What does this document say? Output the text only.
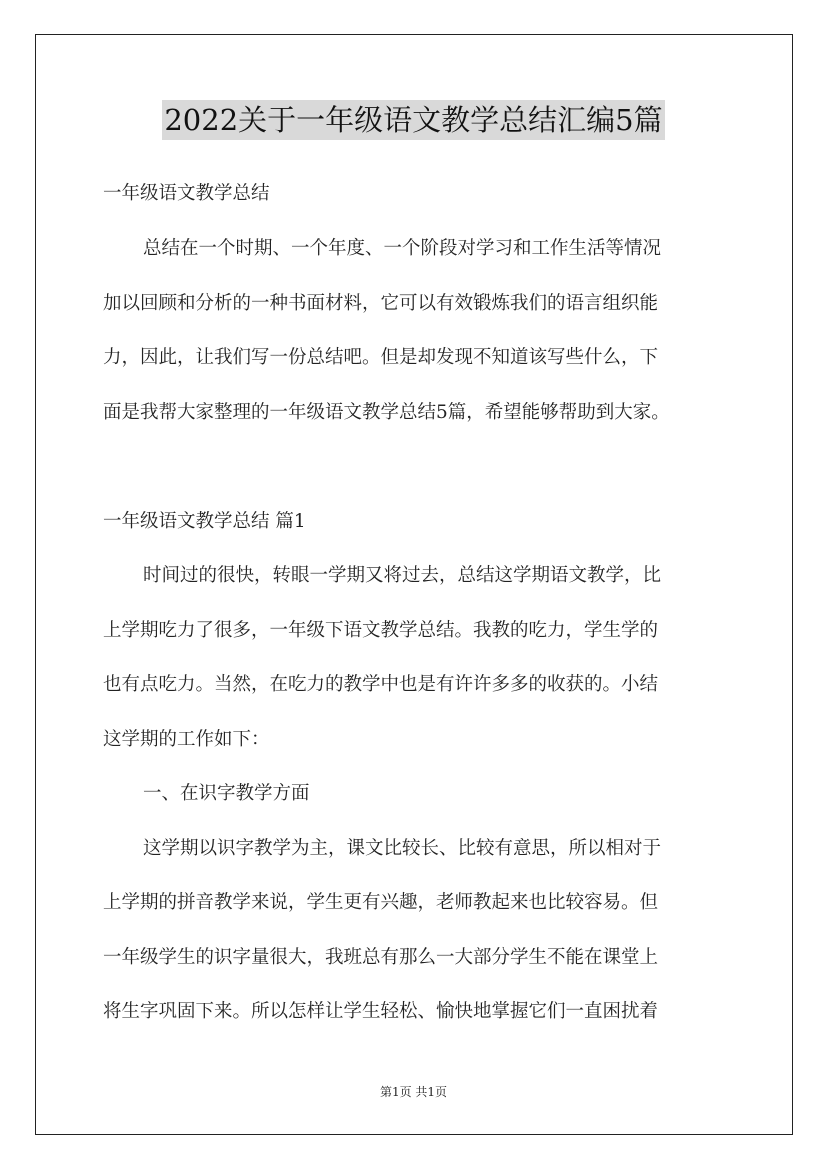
2022关于一年级语文教学总结汇编5篇
一年级语文教学总结
总结在一个时期、一个年度、一个阶段对学习和工作生活等情况
加以回顾和分析的一种书面材料，它可以有效锻炼我们的语言组织能
力，因此，让我们写一份总结吧。但是却发现不知道该写些什么，下
面是我帮大家整理的一年级语文教学总结5篇，希望能够帮助到大家。
一年级语文教学总结 篇1
时间过的很快，转眼一学期又将过去，总结这学期语文教学，比
上学期吃力了很多，一年级下语文教学总结。我教的吃力，学生学的
也有点吃力。当然，在吃力的教学中也是有许许多多的收获的。小结
这学期的工作如下：
一、在识字教学方面
这学期以识字教学为主，课文比较长、比较有意思，所以相对于
上学期的拼音教学来说，学生更有兴趣，老师教起来也比较容易。但
一年级学生的识字量很大，我班总有那么一大部分学生不能在课堂上
将生字巩固下来。所以怎样让学生轻松、愉快地掌握它们一直困扰着
第1页 共1页
